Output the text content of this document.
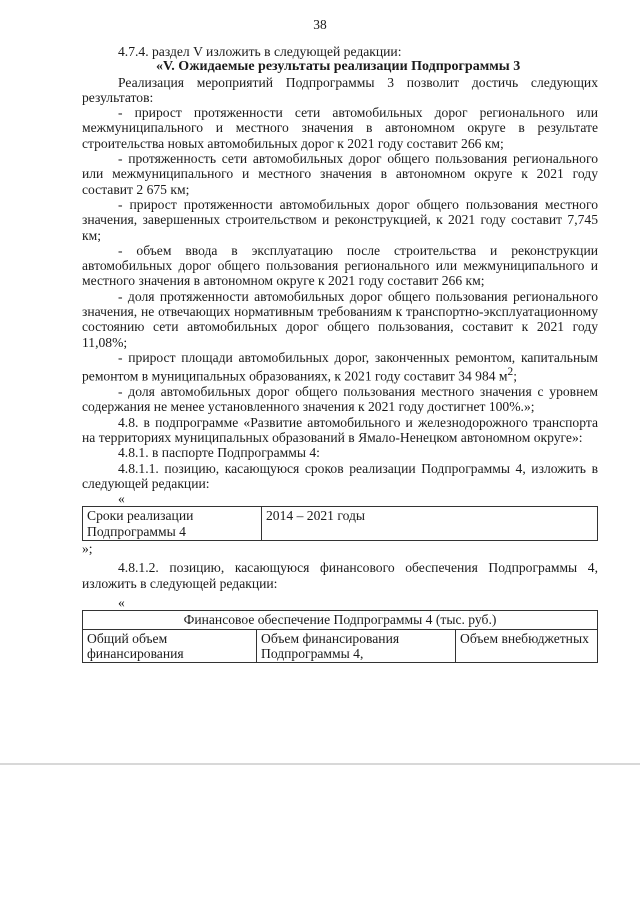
38

4.7.4. раздел V изложить в следующей редакции:

«V. Ожидаемые результаты реализации Подпрограммы 3

Реализация мероприятий Подпрограммы 3 позволит достичь следующих результатов:

- прирост протяженности сети автомобильных дорог регионального или межмуниципального и местного значения в автономном округе в результате строительства новых автомобильных дорог к 2021 году составит 266 км;

- протяженность сети автомобильных дорог общего пользования регионального или межмуниципального и местного значения в автономном округе к 2021 году составит 2 675 км;

- прирост протяженности автомобильных дорог общего пользования местного значения, завершенных строительством и реконструкцией, к 2021 году составит 7,745 км;

- объем ввода в эксплуатацию после строительства и реконструкции автомобильных дорог общего пользования регионального или межмуниципального и местного значения в автономном округе к 2021 году составит 266 км;

- доля протяженности автомобильных дорог общего пользования регионального значения, не отвечающих нормативным требованиям к транспортно-эксплуатационному состоянию сети автомобильных дорог общего пользования, составит к 2021 году 11,08%;

- прирост площади автомобильных дорог, законченных ремонтом, капитальным ремонтом в муниципальных образованиях, к 2021 году составит 34 984 $м^2$;

- доля автомобильных дорог общего пользования местного значения с уровнем содержания не менее установленного значения к 2021 году достигнет 100%.»;

4.8. в подпрограмме «Развитие автомобильного и железнодорожного транспорта на территориях муниципальных образований в Ямало-Ненецком автономном округе»:

4.8.1. в паспорте Подпрограммы 4:

4.8.1.1. позицию, касающуюся сроков реализации Подпрограммы 4, изложить в следующей редакции:

«

Сроки реализации Подпрограммы 4	2014 – 2021 годы

»;

4.8.1.2. позицию, касающуюся финансового обеспечения Подпрограммы 4, изложить в следующей редакции:

«

Финансовое обеспечение Подпрограммы 4 (тыс. руб.)
Общий объем финансирования	Объем финансирования Подпрограммы 4,	Объем внебюджетных
